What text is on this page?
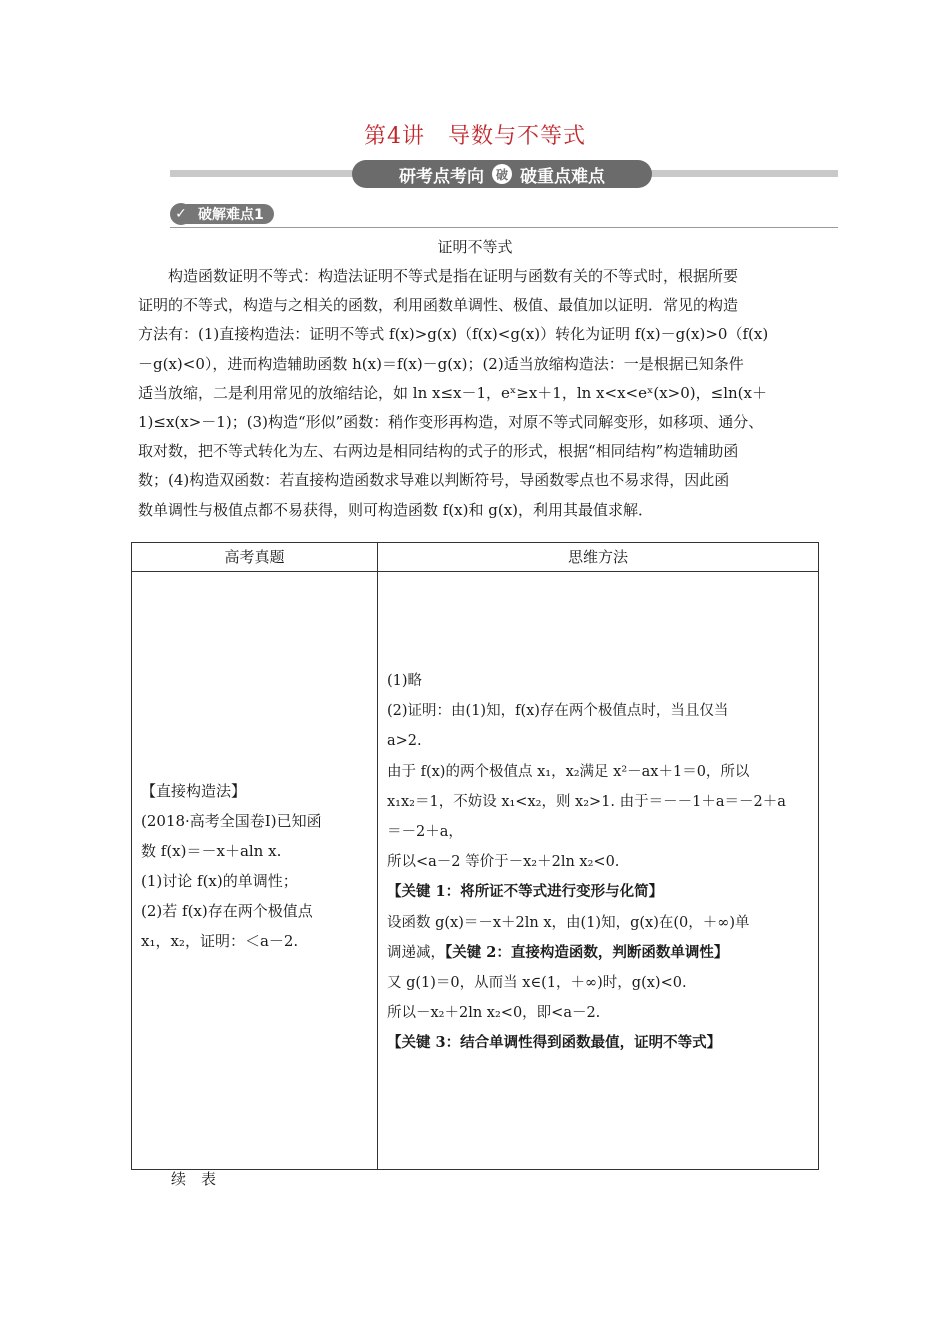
第4讲　导数与不等式
研考点考向 破 破重点难点
✓ 破解难点1
证明不等式

　　构造函数证明不等式：构造法证明不等式是指在证明与函数有关的不等式时，根据所要

证明的不等式，构造与之相关的函数，利用函数单调性、极值、最值加以证明．常见的构造

方法有：(1)直接构造法：证明不等式 f(x)>g(x)（f(x)<g(x)）转化为证明 f(x)－g(x)>0（f(x)

－g(x)<0），进而构造辅助函数 h(x)＝f(x)－g(x)；(2)适当放缩构造法：一是根据已知条件

适当放缩，二是利用常见的放缩结论，如 ln x≤x－1，eˣ≥x＋1，ln x<x<eˣ(x>0)，≤ln(x＋

1)≤x(x>－1)；(3)构造“形似”函数：稍作变形再构造，对原不等式同解变形，如移项、通分、

取对数，把不等式转化为左、右两边是相同结构的式子的形式，根据“相同结构”构造辅助函

数；(4)构造双函数：若直接构造函数求导难以判断符号，导函数零点也不易求得，因此函

数单调性与极值点都不易获得，则可构造函数 f(x)和 g(x)，利用其最值求解．

高考真题	思维方法
【直接构造法】
(2018·高考全国卷Ⅰ)已知函
数 f(x)＝－x＋aln x.
(1)讨论 f(x)的单调性；
(2)若 f(x)存在两个极值点
x₁，x₂，证明：＜a－2.
(1)略
(2)证明：由(1)知，f(x)存在两个极值点时，当且仅当
a>2.
由于 f(x)的两个极值点 x₁，x₂满足 x²－ax＋1＝0，所以
x₁x₂＝1，不妨设 x₁<x₂，则 x₂>1. 由于＝－－1＋a＝－2＋a
＝－2＋a，
所以<a－2 等价于－x₂＋2ln x₂<0.
【关键 1：将所证不等式进行变形与化简】
设函数 g(x)＝－x＋2ln x，由(1)知，g(x)在(0，＋∞)单
调递减，【关键 2：直接构造函数，判断函数单调性】
又 g(1)＝0，从而当 x∈(1，＋∞)时，g(x)<0.
所以－x₂＋2ln x₂<0，即<a－2.
【关键 3：结合单调性得到函数最值，证明不等式】
续　表
